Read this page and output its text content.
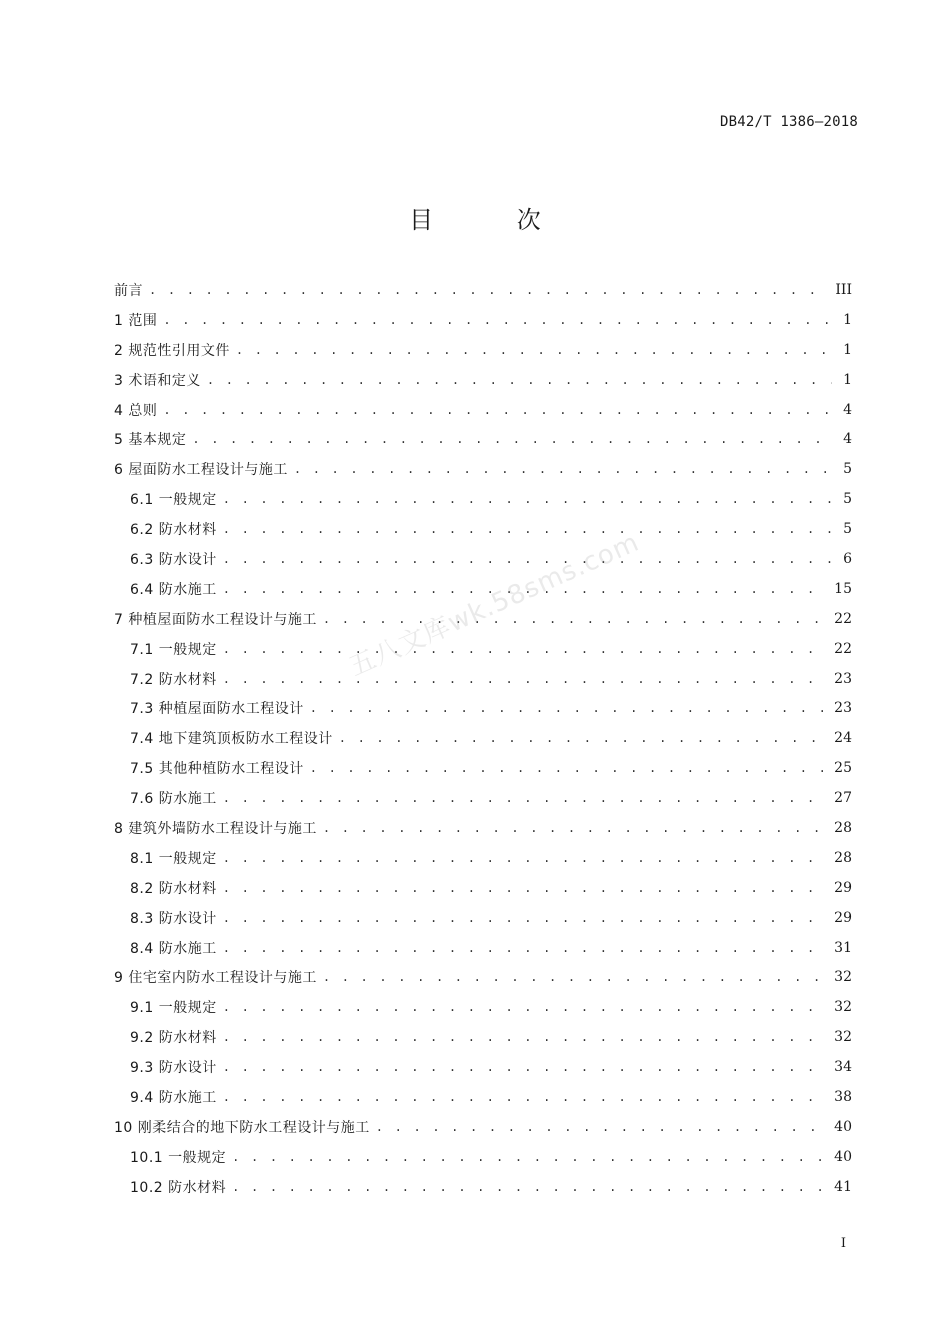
DB42/T 1386—2018
目 次
前言 . . .	III
1 范围 . . .	1
2 规范性引用文件 . . .	1
3 术语和定义 . . .	1
4 总则 . . .	4
5 基本规定 . . .	4
6 屋面防水工程设计与施工 . . .	5
6.1 一般规定 . . .	5
6.2 防水材料 . . .	5
6.3 防水设计 . . .	6
6.4 防水施工 . . .	15
7 种植屋面防水工程设计与施工 . . .	22
7.1 一般规定 . . .	22
7.2 防水材料 . . .	23
7.3 种植屋面防水工程设计 . . .	23
7.4 地下建筑顶板防水工程设计 . . .	24
7.5 其他种植防水工程设计 . . .	25
7.6 防水施工 . . .	27
8 建筑外墙防水工程设计与施工 . . .	28
8.1 一般规定 . . .	28
8.2 防水材料 . . .	29
8.3 防水设计 . . .	29
8.4 防水施工 . . .	31
9 住宅室内防水工程设计与施工 . . .	32
9.1 一般规定 . . .	32
9.2 防水材料 . . .	32
9.3 防水设计 . . .	34
9.4 防水施工 . . .	38
10 刚柔结合的地下防水工程设计与施工 . . .	40
10.1 一般规定 . . .	40
10.2 防水材料 . . .	41
五八文库wk.58sms.com
I
